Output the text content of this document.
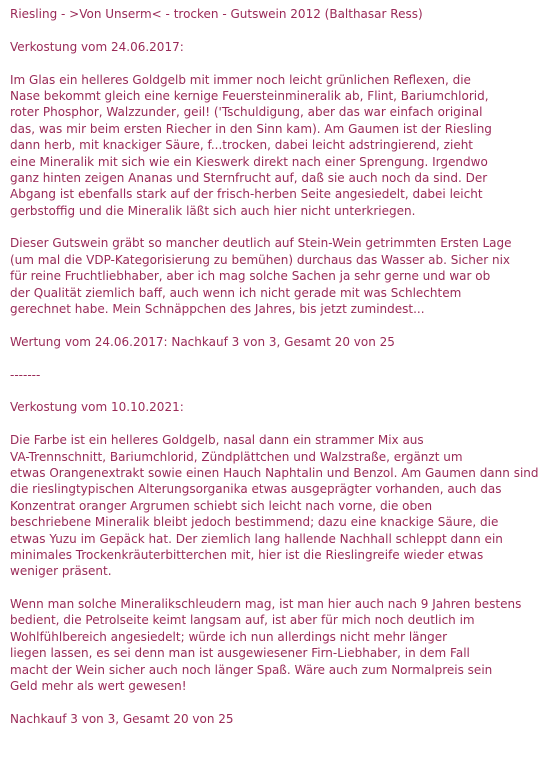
Riesling - >Von Unserm< - trocken - Gutswein 2012 (Balthasar Ress)
Verkostung vom 24.06.2017:
Im Glas ein helleres Goldgelb mit immer noch leicht grünlichen Reflexen, die
Nase bekommt gleich eine kernige Feuersteinmineralik ab, Flint, Bariumchlorid,
roter Phosphor, Walzzunder, geil! ('Tschuldigung, aber das war einfach original
das, was mir beim ersten Riecher in den Sinn kam). Am Gaumen ist der Riesling
dann herb, mit knackiger Säure, f...trocken, dabei leicht adstringierend, zieht
eine Mineralik mit sich wie ein Kieswerk direkt nach einer Sprengung. Irgendwo
ganz hinten zeigen Ananas und Sternfrucht auf, daß sie auch noch da sind. Der
Abgang ist ebenfalls stark auf der frisch-herben Seite angesiedelt, dabei leicht
gerbstoffig und die Mineralik läßt sich auch hier nicht unterkriegen.
Dieser Gutswein gräbt so mancher deutlich auf Stein-Wein getrimmten Ersten Lage
(um mal die VDP-Kategorisierung zu bemühen) durchaus das Wasser ab. Sicher nix
für reine Fruchtliebhaber, aber ich mag solche Sachen ja sehr gerne und war ob
der Qualität ziemlich baff, auch wenn ich nicht gerade mit was Schlechtem
gerechnet habe. Mein Schnäppchen des Jahres, bis jetzt zumindest...
Wertung vom 24.06.2017: Nachkauf 3 von 3, Gesamt 20 von 25
-------
Verkostung vom 10.10.2021:
Die Farbe ist ein helleres Goldgelb, nasal dann ein strammer Mix aus
VA-Trennschnitt, Bariumchlorid, Zündplättchen und Walzstraße, ergänzt um
etwas Orangenextrakt sowie einen Hauch Naphtalin und Benzol. Am Gaumen dann sind
die rieslingtypischen Alterungsorganika etwas ausgeprägter vorhanden, auch das
Konzentrat oranger Argrumen schiebt sich leicht nach vorne, die oben
beschriebene Mineralik bleibt jedoch bestimmend; dazu eine knackige Säure, die
etwas Yuzu im Gepäck hat. Der ziemlich lang hallende Nachhall schleppt dann ein
minimales Trockenkräuterbitterchen mit, hier ist die Rieslingreife wieder etwas
weniger präsent.
Wenn man solche Mineralikschleudern mag, ist man hier auch nach 9 Jahren bestens
bedient, die Petrolseite keimt langsam auf, ist aber für mich noch deutlich im
Wohlfühlbereich angesiedelt; würde ich nun allerdings nicht mehr länger
liegen lassen, es sei denn man ist ausgewiesener Firn-Liebhaber, in dem Fall
macht der Wein sicher auch noch länger Spaß. Wäre auch zum Normalpreis sein
Geld mehr als wert gewesen!
Nachkauf 3 von 3, Gesamt 20 von 25
